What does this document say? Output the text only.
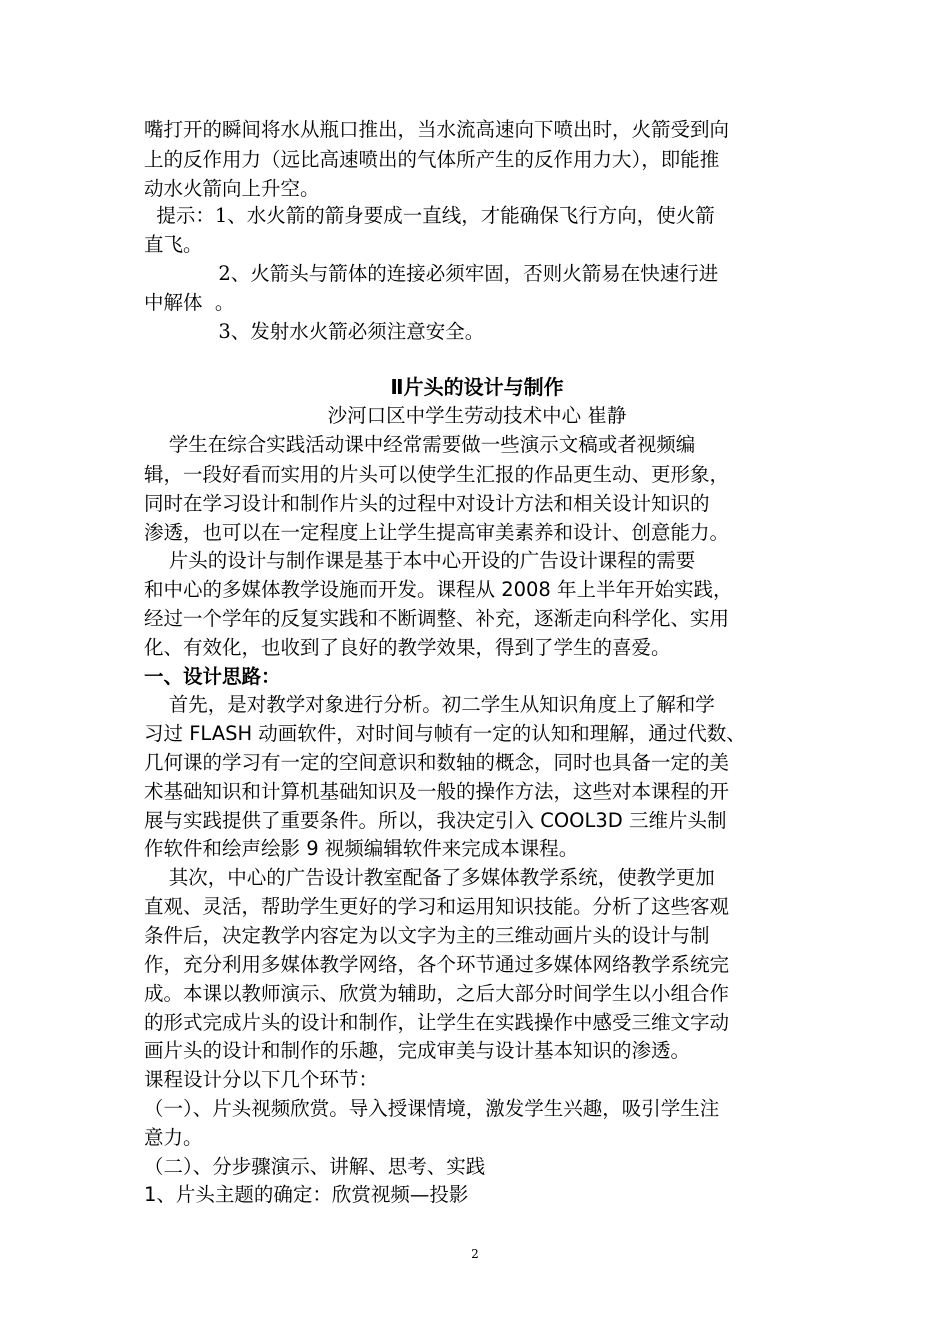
嘴打开的瞬间将水从瓶口推出，当水流高速向下喷出时，火箭受到向
上的反作用力（远比高速喷出的气体所产生的反作用力大），即能推
动水火箭向上升空。
提示：1、水火箭的箭身要成一直线，才能确保飞行方向，使火箭
直飞。
2、火箭头与箭体的连接必须牢固，否则火箭易在快速行进
中解体  。
3、发射水火箭必须注意安全。
Ⅱ片头的设计与制作
沙河口区中学生劳动技术中心 崔静
学生在综合实践活动课中经常需要做一些演示文稿或者视频编
辑，一段好看而实用的片头可以使学生汇报的作品更生动、更形象，
同时在学习设计和制作片头的过程中对设计方法和相关设计知识的
渗透，也可以在一定程度上让学生提高审美素养和设计、创意能力。
片头的设计与制作课是基于本中心开设的广告设计课程的需要
和中心的多媒体教学设施而开发。课程从 2008 年上半年开始实践，
经过一个学年的反复实践和不断调整、补充，逐渐走向科学化、实用
化、有效化，也收到了良好的教学效果，得到了学生的喜爱。
一、设计思路：
首先，是对教学对象进行分析。初二学生从知识角度上了解和学
习过 FLASH 动画软件，对时间与帧有一定的认知和理解，通过代数、
几何课的学习有一定的空间意识和数轴的概念，同时也具备一定的美
术基础知识和计算机基础知识及一般的操作方法，这些对本课程的开
展与实践提供了重要条件。所以，我决定引入 COOL3D 三维片头制
作软件和绘声绘影 9 视频编辑软件来完成本课程。
其次，中心的广告设计教室配备了多媒体教学系统，使教学更加
直观、灵活，帮助学生更好的学习和运用知识技能。分析了这些客观
条件后，决定教学内容定为以文字为主的三维动画片头的设计与制
作，充分利用多媒体教学网络，各个环节通过多媒体网络教学系统完
成。本课以教师演示、欣赏为辅助，之后大部分时间学生以小组合作
的形式完成片头的设计和制作，让学生在实践操作中感受三维文字动
画片头的设计和制作的乐趣，完成审美与设计基本知识的渗透。
课程设计分以下几个环节：
（一）、片头视频欣赏。导入授课情境，激发学生兴趣，吸引学生注
意力。
（二）、分步骤演示、讲解、思考、实践
1、片头主题的确定：欣赏视频—投影
2
